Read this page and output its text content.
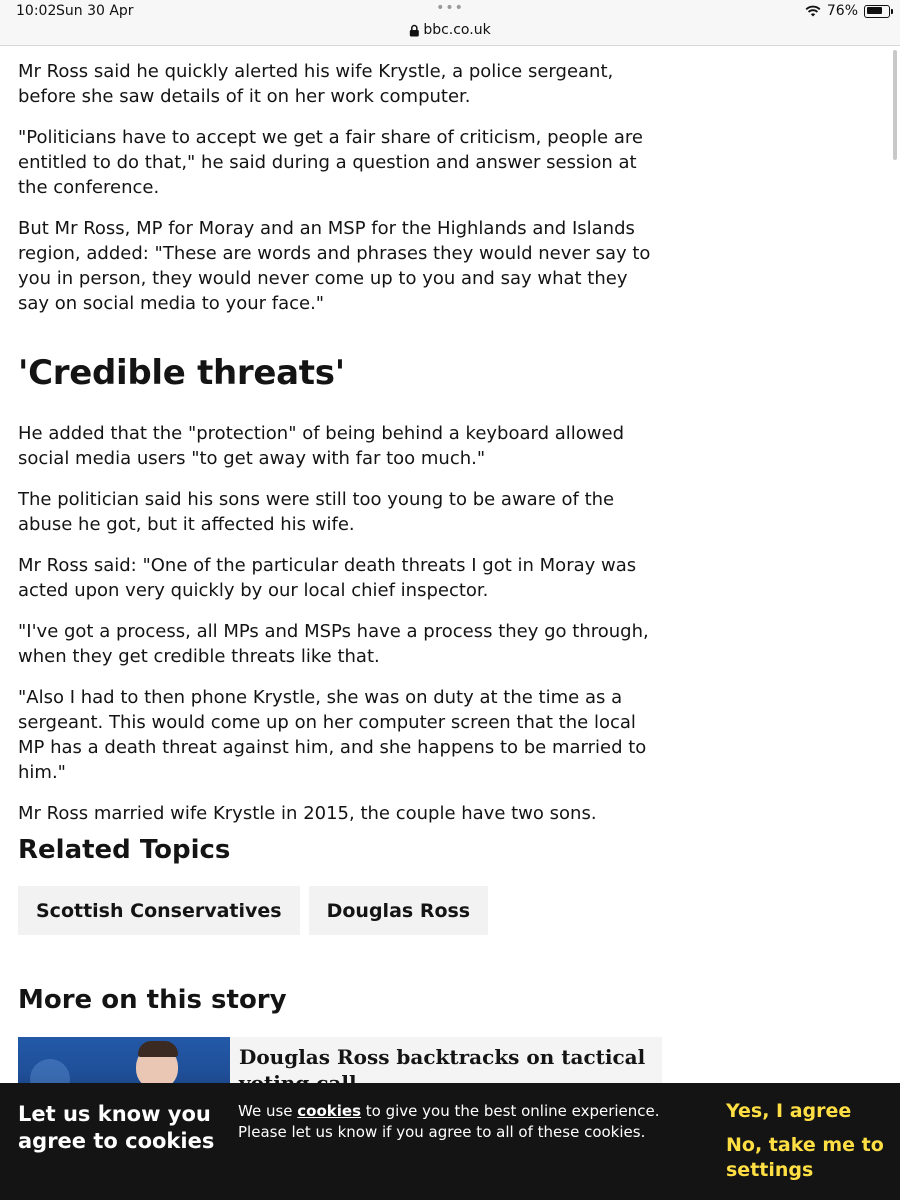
10:02 Sun 30 Apr	•••
bbc.co.uk
76%

Mr Ross said he quickly alerted his wife Krystle, a police sergeant, before she saw details of it on her work computer.

"Politicians have to accept we get a fair share of criticism, people are entitled to do that," he said during a question and answer session at the conference.

But Mr Ross, MP for Moray and an MSP for the Highlands and Islands region, added: "These are words and phrases they would never say to you in person, they would never come up to you and say what they say on social media to your face."

'Credible threats'

He added that the "protection" of being behind a keyboard allowed social media users "to get away with far too much."

The politician said his sons were still too young to be aware of the abuse he got, but it affected his wife.

Mr Ross said: "One of the particular death threats I got in Moray was acted upon very quickly by our local chief inspector.

"I've got a process, all MPs and MSPs have a process they go through, when they get credible threats like that.

"Also I had to then phone Krystle, she was on duty at the time as a sergeant. This would come up on her computer screen that the local MP has a death threat against him, and she happens to be married to him."

Mr Ross married wife Krystle in 2015, the couple have two sons.

Related Topics
Scottish Conservatives	Douglas Ross
More on this story
Douglas Ross backtracks on tactical
Let us know you agree to cookies
We use cookies to give you the best online experience. Please let us know if you agree to all of these cookies.
Yes, I agree
No, take me to settings
